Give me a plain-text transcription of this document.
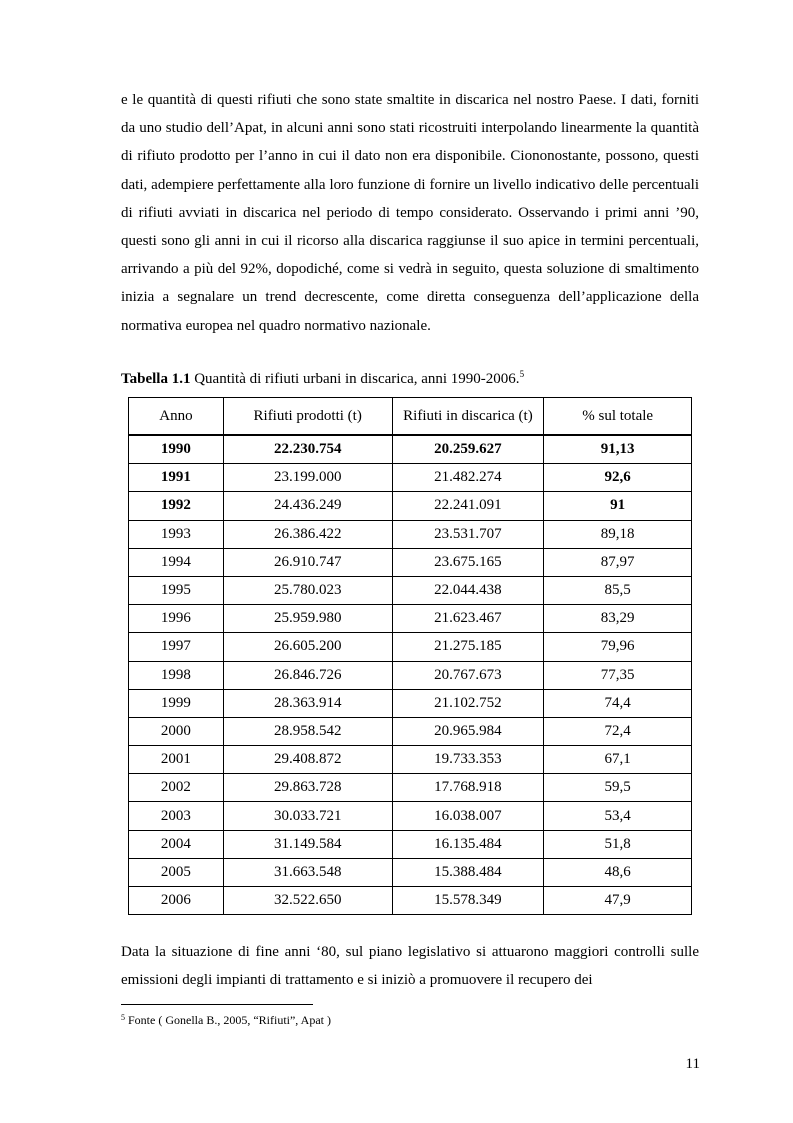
e le quantità di questi rifiuti che sono state smaltite in discarica nel nostro Paese. I dati, forniti da uno studio dell’Apat, in alcuni anni sono stati ricostruiti interpolando linearmente la quantità di rifiuto prodotto per l’anno in cui il dato non era disponibile. Ciononostante, possono, questi dati, adempiere perfettamente alla loro funzione di fornire un livello indicativo delle percentuali di rifiuti avviati in discarica nel periodo di tempo considerato. Osservando i primi anni ’90, questi sono gli anni in cui il ricorso alla discarica raggiunse il suo apice in termini percentuali, arrivando a più del 92%, dopodiché, come si vedrà in seguito, questa soluzione di smaltimento inizia a segnalare un trend decrescente, come diretta conseguenza dell’applicazione della normativa europea nel quadro normativo nazionale.

Tabella 1.1 Quantità di rifiuti urbani in discarica, anni 1990-2006.$^5$

Anno	Rifiuti prodotti (t)	Rifiuti in discarica (t)	% sul totale
1990	22.230.754	20.259.627	91,13
1991	23.199.000	21.482.274	92,6
1992	24.436.249	22.241.091	91
1993	26.386.422	23.531.707	89,18
1994	26.910.747	23.675.165	87,97
1995	25.780.023	22.044.438	85,5
1996	25.959.980	21.623.467	83,29
1997	26.605.200	21.275.185	79,96
1998	26.846.726	20.767.673	77,35
1999	28.363.914	21.102.752	74,4
2000	28.958.542	20.965.984	72,4
2001	29.408.872	19.733.353	67,1
2002	29.863.728	17.768.918	59,5
2003	30.033.721	16.038.007	53,4
2004	31.149.584	16.135.484	51,8
2005	31.663.548	15.388.484	48,6
2006	32.522.650	15.578.349	47,9

Data la situazione di fine anni ‘80, sul piano legislativo si attuarono maggiori controlli sulle emissioni degli impianti di trattamento e si iniziò a promuovere il recupero dei

$^5$ Fonte ( Gonella B., 2005, “Rifiuti”, Apat )

11
